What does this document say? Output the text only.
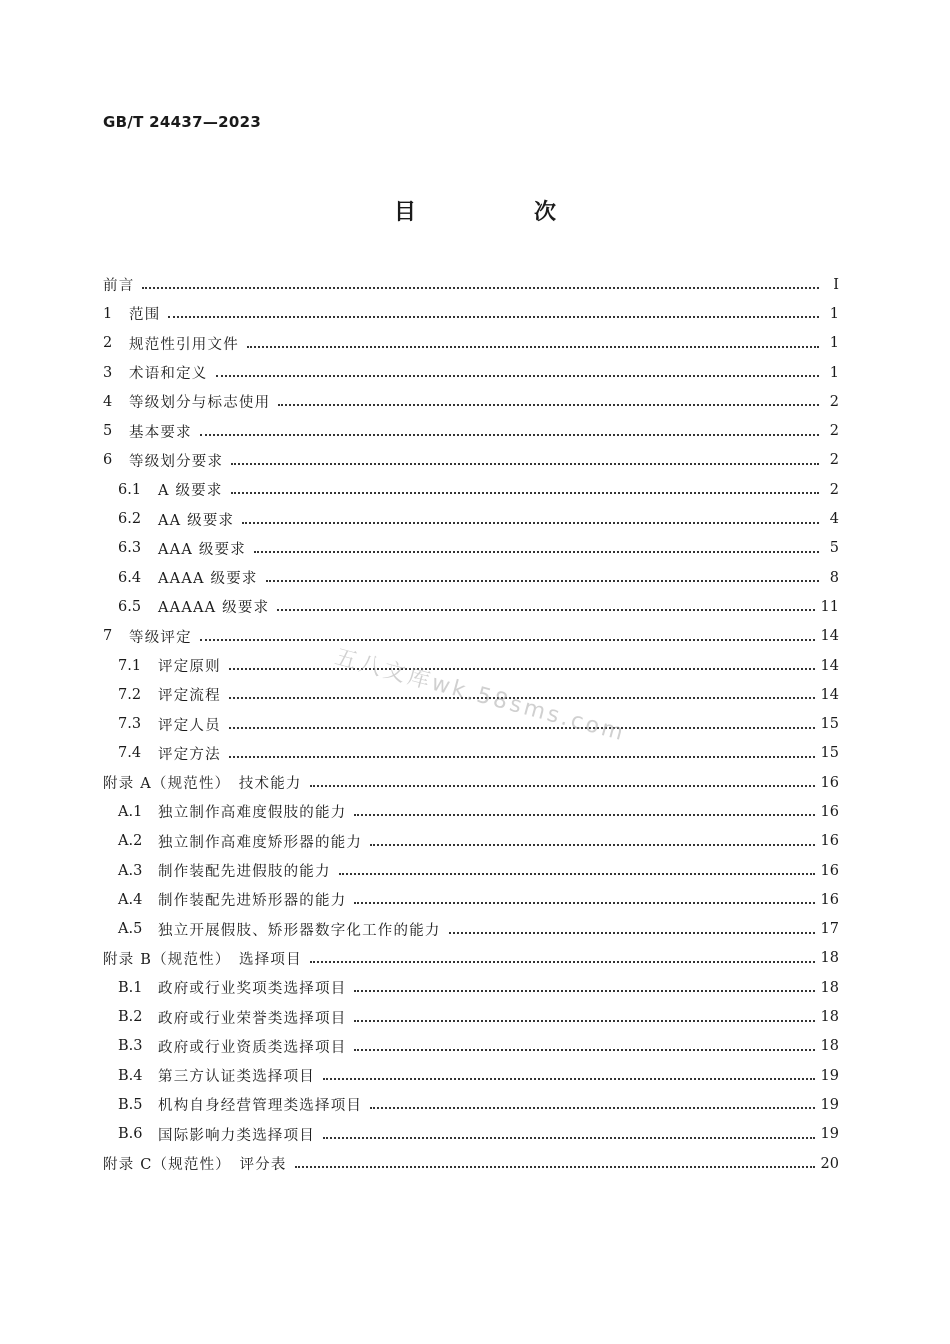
GB/T 24437—2023
目　次
前言	Ⅰ
1	范围	1
2	规范性引用文件	1
3	术语和定义	1
4	等级划分与标志使用	2
5	基本要求	2
6	等级划分要求	2
6.1	A 级要求	2
6.2	AA 级要求	4
6.3	AAA 级要求	5
6.4	AAAA 级要求	8
6.5	AAAAA 级要求	11
7	等级评定	14
7.1	评定原则	14
7.2	评定流程	14
7.3	评定人员	15
7.4	评定方法	15
附录 A（规范性）　技术能力	16
A.1	独立制作高难度假肢的能力	16
A.2	独立制作高难度矫形器的能力	16
A.3	制作装配先进假肢的能力	16
A.4	制作装配先进矫形器的能力	16
A.5	独立开展假肢、矫形器数字化工作的能力	17
附录 B（规范性）　选择项目	18
B.1	政府或行业奖项类选择项目	18
B.2	政府或行业荣誉类选择项目	18
B.3	政府或行业资质类选择项目	18
B.4	第三方认证类选择项目	19
B.5	机构自身经营管理类选择项目	19
B.6	国际影响力类选择项目	19
附录 C（规范性）　评分表	20
五八文库wk.58sms.com
